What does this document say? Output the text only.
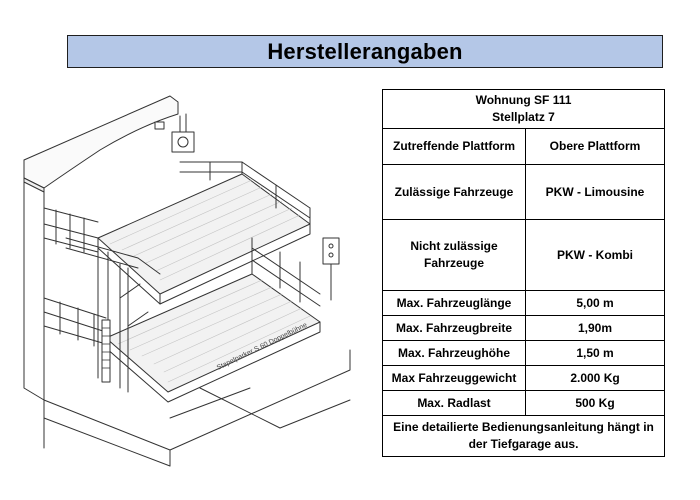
Herstellerangaben
Stapelparker S 60 Doppelbühne
Wohnung SF 111
Stellplatz 7	

Zutreffende Plattform	Obere Plattform
Zulässige Fahrzeuge	PKW - Limousine
Nicht zulässige Fahrzeuge	PKW - Kombi
Max. Fahrzeuglänge	5,00 m
Max. Fahrzeugbreite	1,90m
Max. Fahrzeughöhe	1,50 m
Max Fahrzeuggewicht	2.000 Kg
Max. Radlast	500 Kg
Eine detailierte Bedienungsanleitung hängt in der Tiefgarage aus.	
